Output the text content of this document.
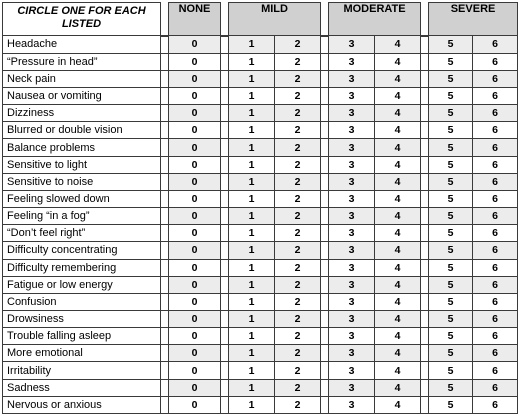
CIRCLE ONE FOR EACH LISTED		NONE		MILD			MODERATE			SEVERE	
Headache		0		1	2		3	4		5	6
“Pressure in head”		0		1	2		3	4		5	6
Neck pain		0		1	2		3	4		5	6
Nausea or vomiting		0		1	2		3	4		5	6
Dizziness		0		1	2		3	4		5	6
Blurred or double vision		0		1	2		3	4		5	6
Balance problems		0		1	2		3	4		5	6
Sensitive to light		0		1	2		3	4		5	6
Sensitive to noise		0		1	2		3	4		5	6
Feeling slowed down		0		1	2		3	4		5	6
Feeling “in a fog”		0		1	2		3	4		5	6
“Don’t feel right”		0		1	2		3	4		5	6
Difficulty concentrating		0		1	2		3	4		5	6
Difficulty remembering		0		1	2		3	4		5	6
Fatigue or low energy		0		1	2		3	4		5	6
Confusion		0		1	2		3	4		5	6
Drowsiness		0		1	2		3	4		5	6
Trouble falling asleep		0		1	2		3	4		5	6
More emotional		0		1	2		3	4		5	6
Irritability		0		1	2		3	4		5	6
Sadness		0		1	2		3	4		5	6
Nervous or anxious		0		1	2		3	4		5	6
